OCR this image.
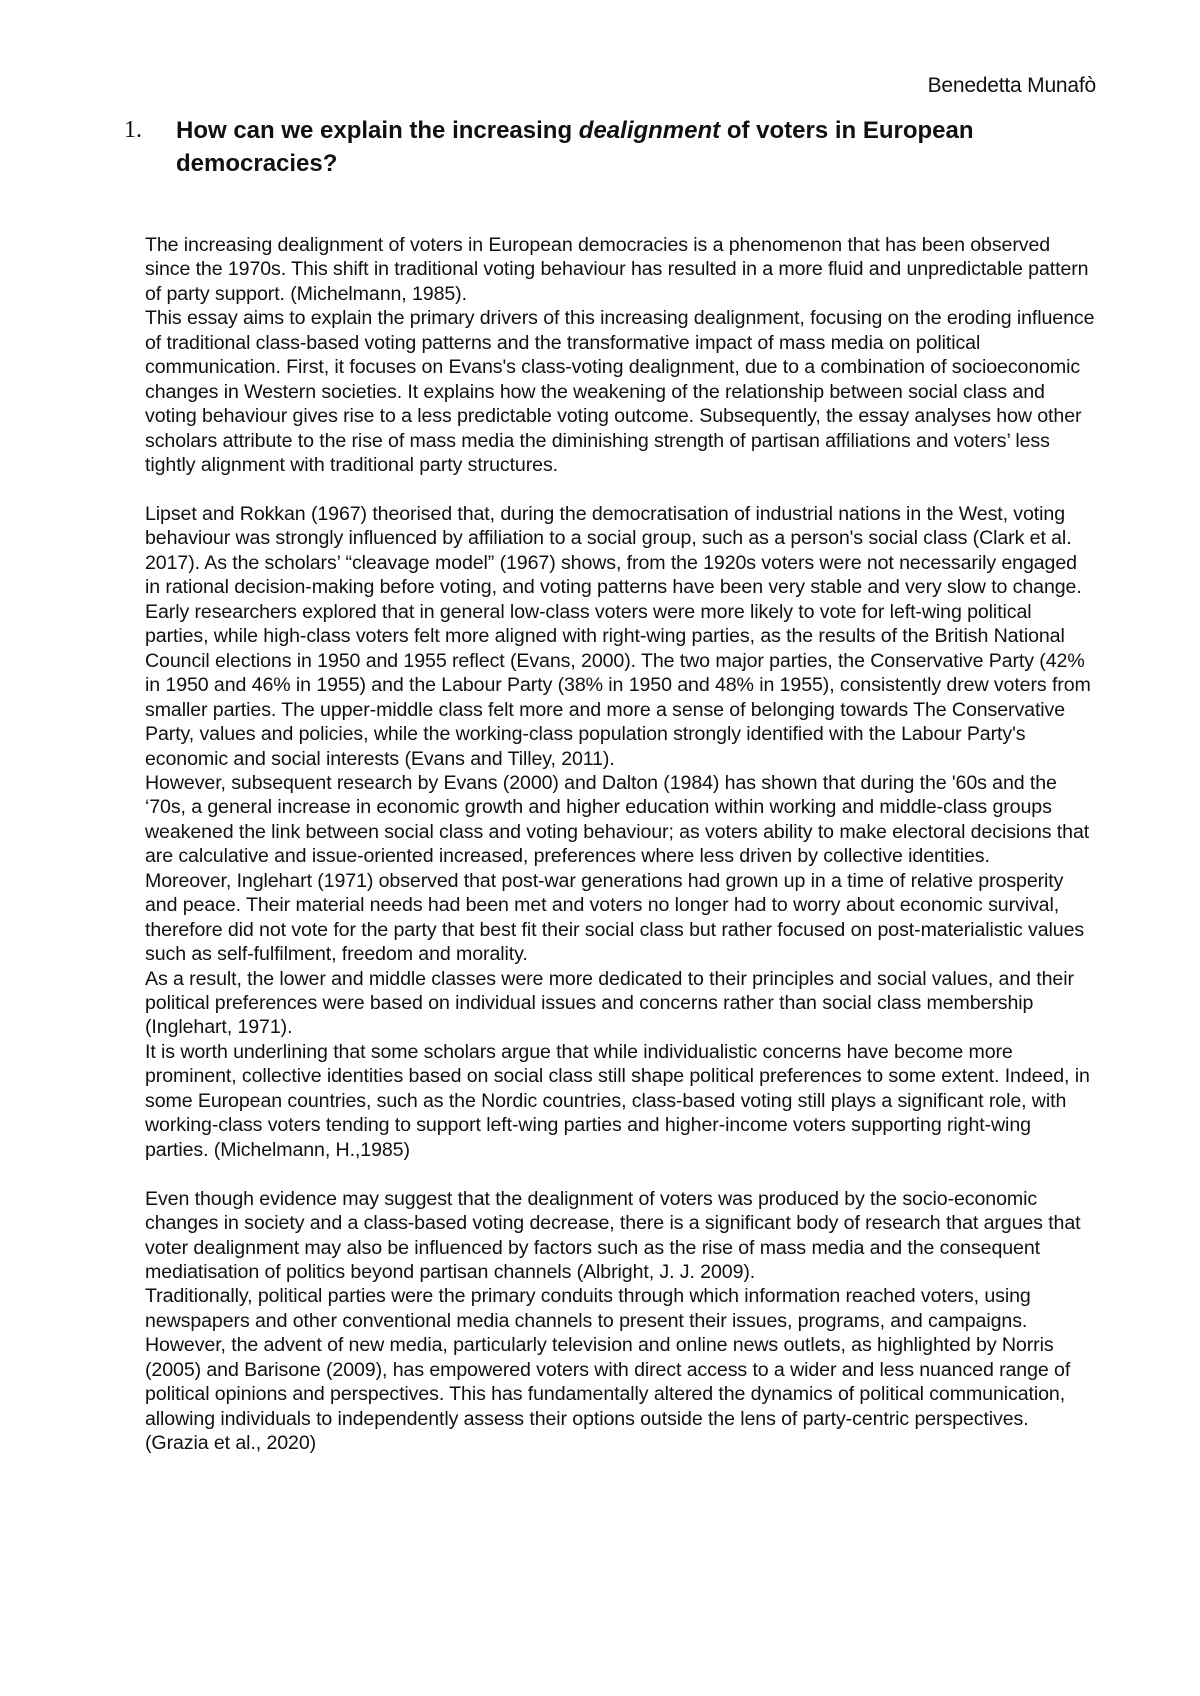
Benedetta Munafò
1.	How can we explain the increasing dealignment of voters in European democracies?

The increasing dealignment of voters in European democracies is a phenomenon that has been observed since the 1970s. This shift in traditional voting behaviour has resulted in a more fluid and unpredictable pattern of party support. (Michelmann, 1985).

This essay aims to explain the primary drivers of this increasing dealignment, focusing on the eroding influence of traditional class-based voting patterns and the transformative impact of mass media on political communication. First, it focuses on Evans's class-voting dealignment, due to a combination of socioeconomic changes in Western societies. It explains how the weakening of the relationship between social class and voting behaviour gives rise to a less predictable voting outcome. Subsequently, the essay analyses how other scholars attribute to the rise of mass media the diminishing strength of partisan affiliations and voters’ less tightly alignment with traditional party structures.

Lipset and Rokkan (1967) theorised that, during the democratisation of industrial nations in the West, voting behaviour was strongly influenced by affiliation to a social group, such as a person's social class (Clark et al. 2017). As the scholars’ “cleavage model” (1967) shows, from the 1920s voters were not necessarily engaged in rational decision-making before voting, and voting patterns have been very stable and very slow to change. Early researchers explored that in general low-class voters were more likely to vote for left-wing political parties, while high-class voters felt more aligned with right-wing parties, as the results of the British National Council elections in 1950 and 1955 reflect (Evans, 2000). The two major parties, the Conservative Party (42% in 1950 and 46% in 1955) and the Labour Party (38% in 1950 and 48% in 1955), consistently drew voters from smaller parties. The upper-middle class felt more and more a sense of belonging towards The Conservative Party, values and policies, while the working-class population strongly identified with the Labour Party's economic and social interests (Evans and Tilley, 2011).

However, subsequent research by Evans (2000) and Dalton (1984) has shown that during the '60s and the ‘70s, a general increase in economic growth and higher education within working and middle-class groups weakened the link between social class and voting behaviour; as voters ability to make electoral decisions that are calculative and issue-oriented increased, preferences where less driven by collective identities.

Moreover, Inglehart (1971) observed that post-war generations had grown up in a time of relative prosperity and peace. Their material needs had been met and voters no longer had to worry about economic survival, therefore did not vote for the party that best fit their social class but rather focused on post-materialistic values such as self-fulfilment, freedom and morality.

As a result, the lower and middle classes were more dedicated to their principles and social values, and their political preferences were based on individual issues and concerns rather than social class membership (Inglehart, 1971).

It is worth underlining that some scholars argue that while individualistic concerns have become more prominent, collective identities based on social class still shape political preferences to some extent. Indeed, in some European countries, such as the Nordic countries, class-based voting still plays a significant role, with working-class voters tending to support left-wing parties and higher-income voters supporting right-wing parties. (Michelmann, H.,1985)

Even though evidence may suggest that the dealignment of voters was produced by the socio-economic changes in society and a class-based voting decrease, there is a significant body of research that argues that voter dealignment may also be influenced by factors such as the rise of mass media and the consequent mediatisation of politics beyond partisan channels (Albright, J. J. 2009).

Traditionally, political parties were the primary conduits through which information reached voters, using newspapers and other conventional media channels to present their issues, programs, and campaigns. However, the advent of new media, particularly television and online news outlets, as highlighted by Norris (2005) and Barisone (2009), has empowered voters with direct access to a wider and less nuanced range of political opinions and perspectives. This has fundamentally altered the dynamics of political communication, allowing individuals to independently assess their options outside the lens of party-centric perspectives. (Grazia et al., 2020)
